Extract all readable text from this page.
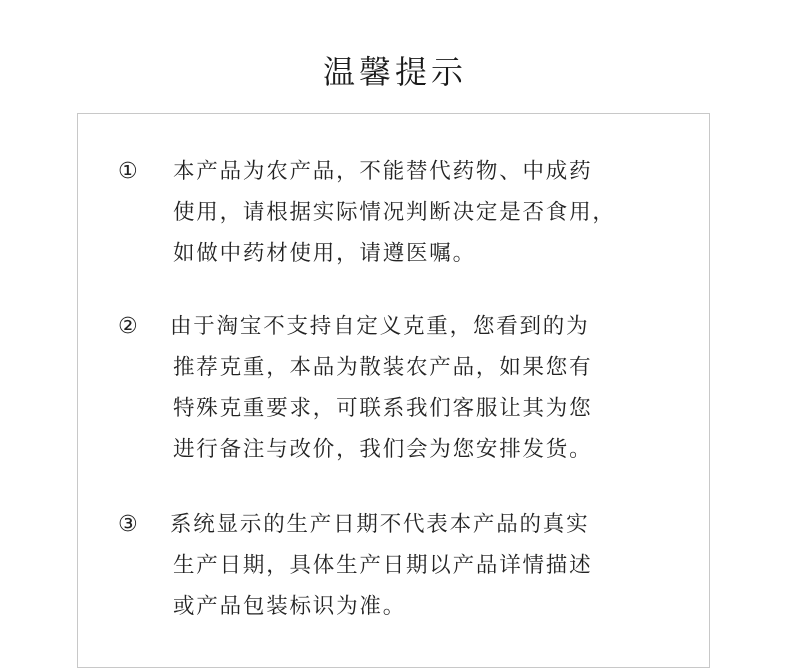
温馨提示
① 本产品为农产品，不能替代药物、中成药
使用，请根据实际情况判断决定是否食用，
如做中药材使用，请遵医嘱。
② 由于淘宝不支持自定义克重，您看到的为
推荐克重，本品为散装农产品，如果您有
特殊克重要求，可联系我们客服让其为您
进行备注与改价，我们会为您安排发货。
③ 系统显示的生产日期不代表本产品的真实
生产日期，具体生产日期以产品详情描述
或产品包装标识为准。
